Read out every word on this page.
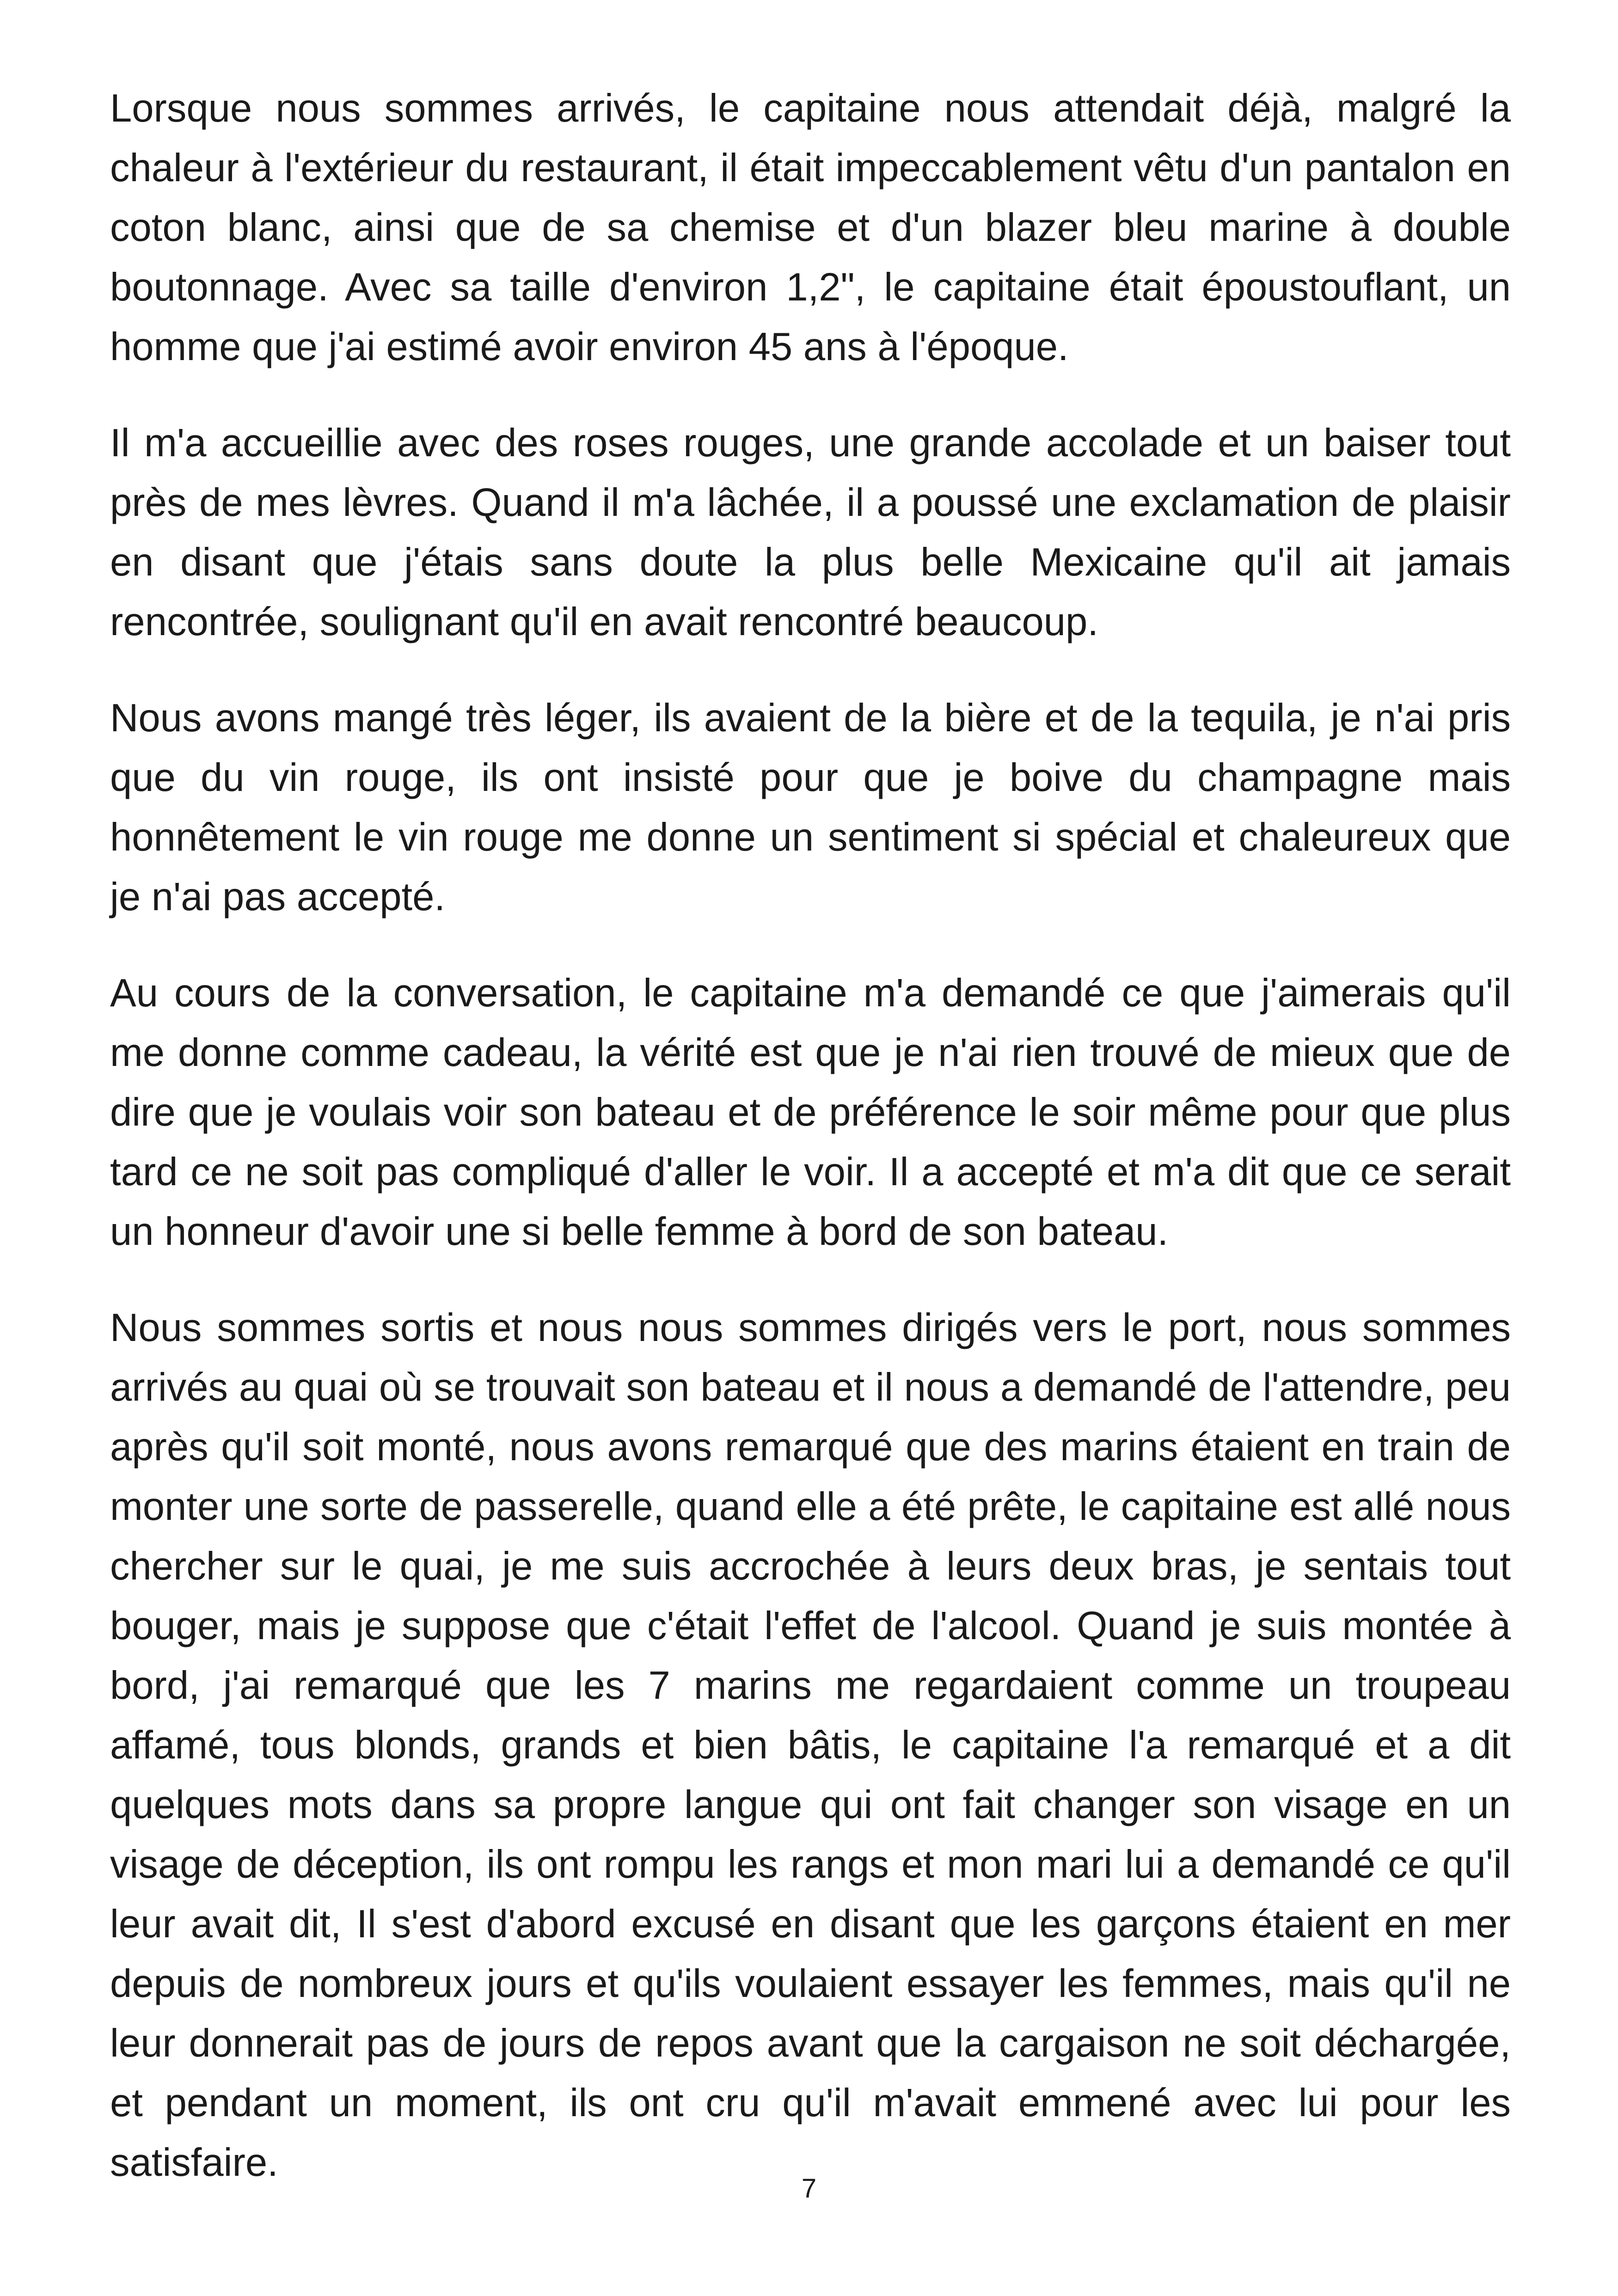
Lorsque nous sommes arrivés, le capitaine nous attendait déjà, malgré la chaleur à l'extérieur du restaurant, il était impeccablement vêtu d'un pantalon en coton blanc, ainsi que de sa chemise et d'un blazer bleu marine à double boutonnage. Avec sa taille d'environ 1,2", le capitaine était époustouflant, un homme que j'ai estimé avoir environ 45 ans à l'époque.

Il m'a accueillie avec des roses rouges, une grande accolade et un baiser tout près de mes lèvres. Quand il m'a lâchée, il a poussé une exclamation de plaisir en disant que j'étais sans doute la plus belle Mexicaine qu'il ait jamais rencontrée, soulignant qu'il en avait rencontré beaucoup.

Nous avons mangé très léger, ils avaient de la bière et de la tequila, je n'ai pris que du vin rouge, ils ont insisté pour que je boive du champagne mais honnêtement le vin rouge me donne un sentiment si spécial et chaleureux que je n'ai pas accepté.

Au cours de la conversation, le capitaine m'a demandé ce que j'aimerais qu'il me donne comme cadeau, la vérité est que je n'ai rien trouvé de mieux que de dire que je voulais voir son bateau et de préférence le soir même pour que plus tard ce ne soit pas compliqué d'aller le voir. Il a accepté et m'a dit que ce serait un honneur d'avoir une si belle femme à bord de son bateau.

Nous sommes sortis et nous nous sommes dirigés vers le port, nous sommes arrivés au quai où se trouvait son bateau et il nous a demandé de l'attendre, peu après qu'il soit monté, nous avons remarqué que des marins étaient en train de monter une sorte de passerelle, quand elle a été prête, le capitaine est allé nous chercher sur le quai, je me suis accrochée à leurs deux bras, je sentais tout bouger, mais je suppose que c'était l'effet de l'alcool. Quand je suis montée à bord, j'ai remarqué que les 7 marins me regardaient comme un troupeau affamé, tous blonds, grands et bien bâtis, le capitaine l'a remarqué et a dit quelques mots dans sa propre langue qui ont fait changer son visage en un visage de déception, ils ont rompu les rangs et mon mari lui a demandé ce qu'il leur avait dit, Il s'est d'abord excusé en disant que les garçons étaient en mer depuis de nombreux jours et qu'ils voulaient essayer les femmes, mais qu'il ne leur donnerait pas de jours de repos avant que la cargaison ne soit déchargée, et pendant un moment, ils ont cru qu'il m'avait emmené avec lui pour les satisfaire.

7
